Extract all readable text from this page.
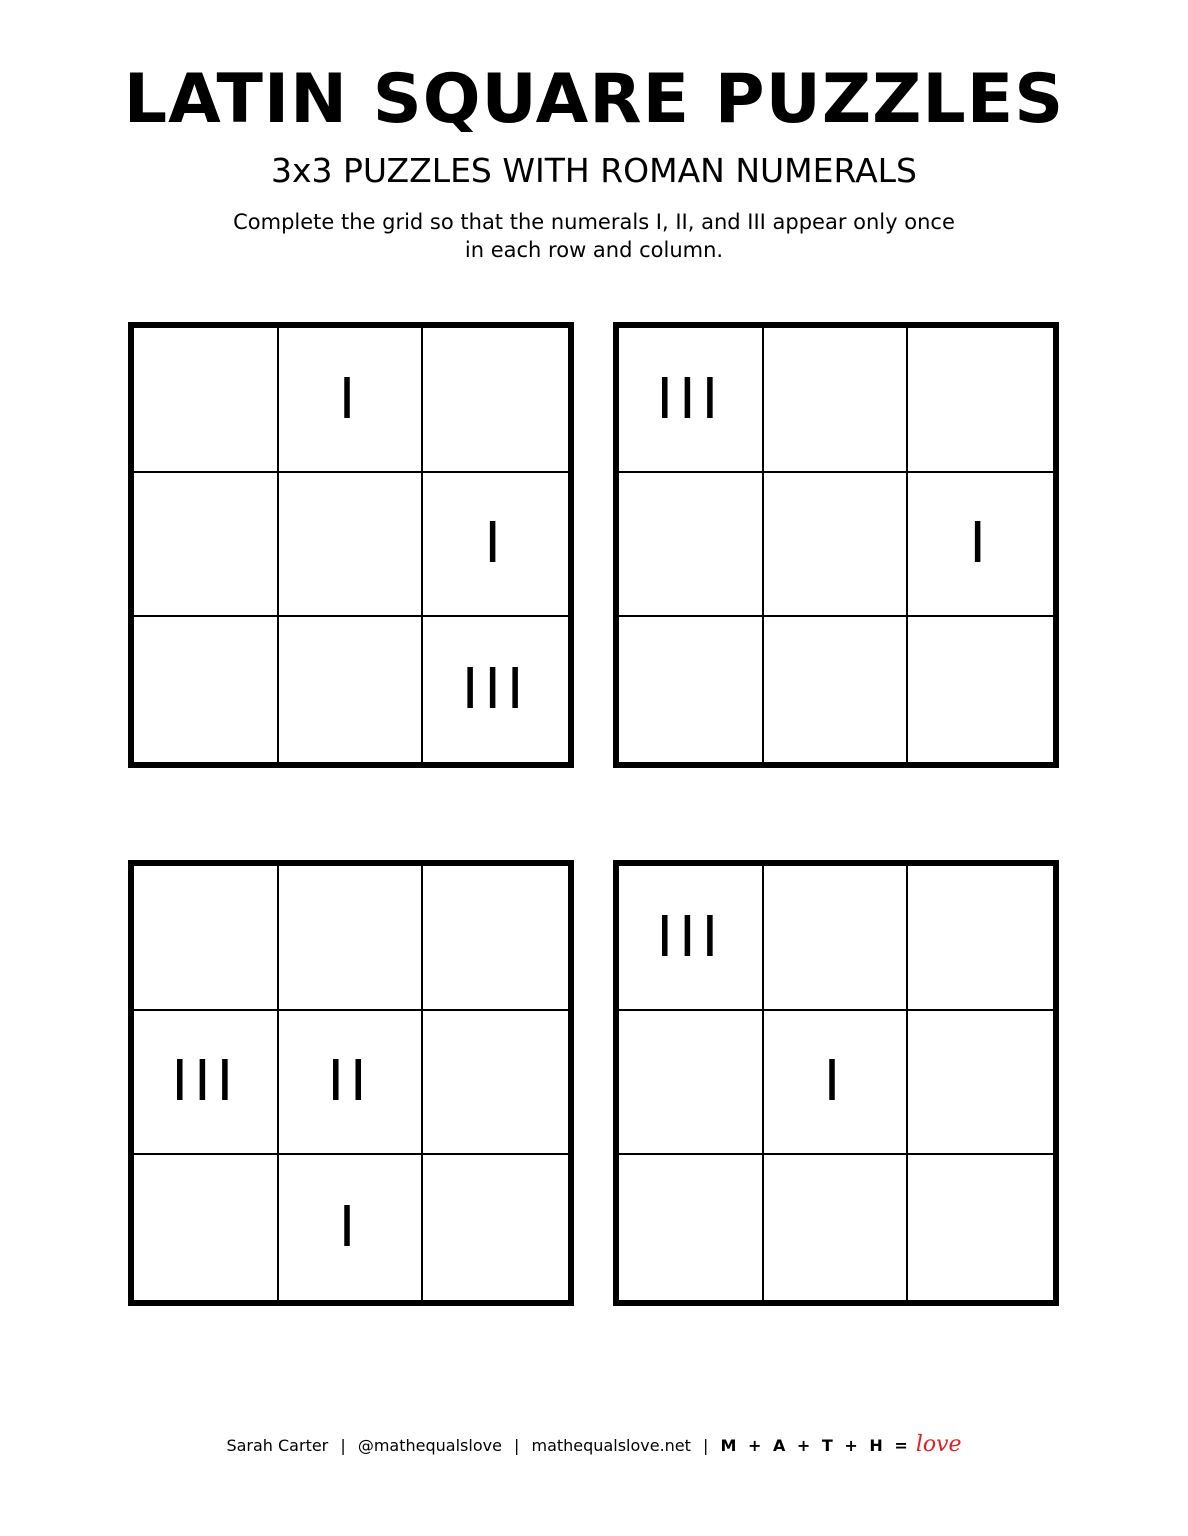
LATIN SQUARE PUZZLES
3x3 PUZZLES WITH ROMAN NUMERALS
Complete the grid so that the numerals I, II, and III appear only once
in each row and column.
I
I
III
III
I
III	II
I
III
I
Sarah Carter | @mathequalslove | mathequalslove.net | M + A + T + H = love
